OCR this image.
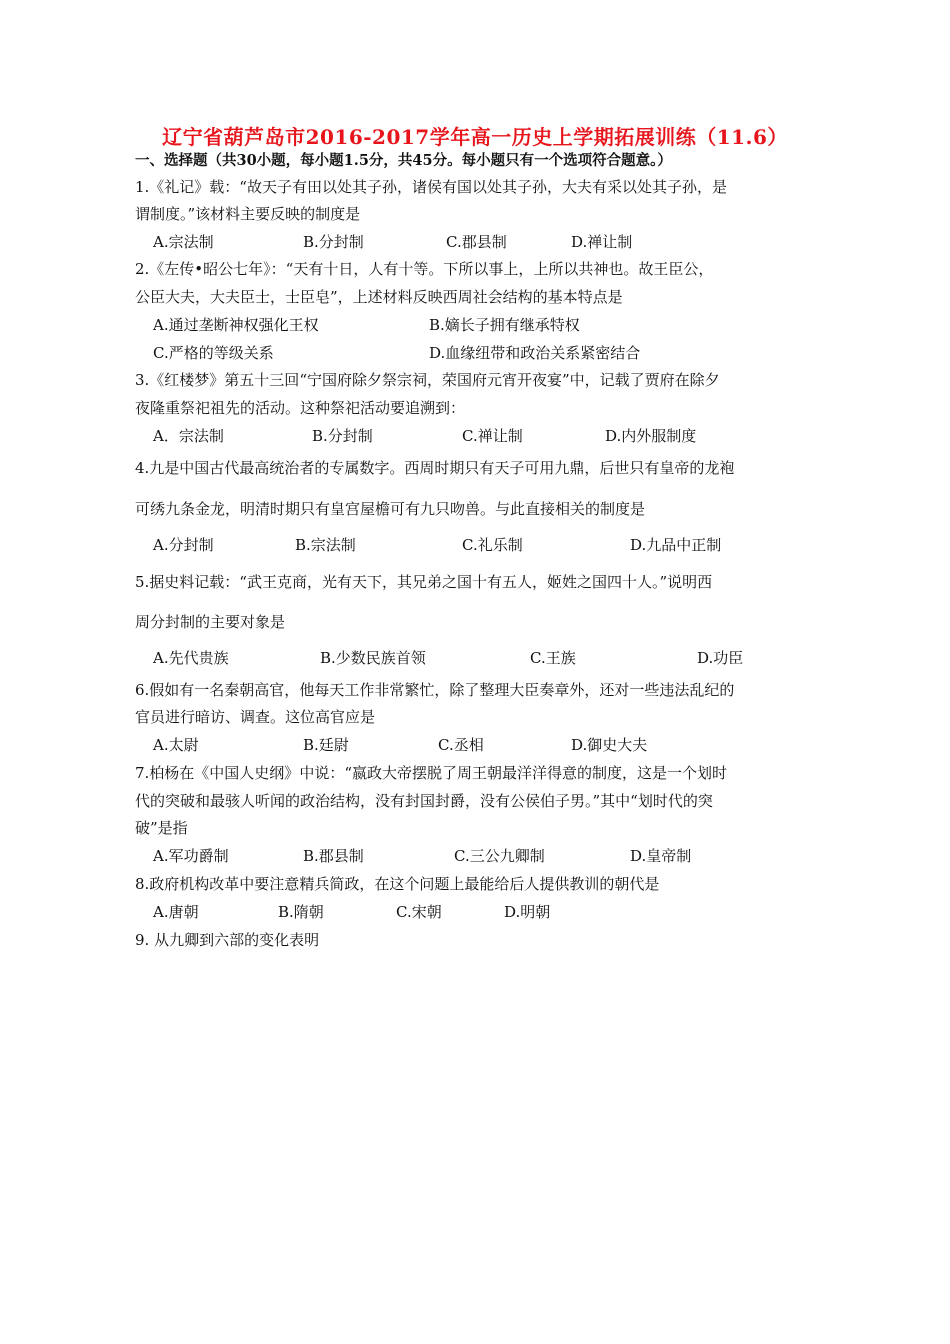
辽宁省葫芦岛市2016-2017学年高一历史上学期拓展训练（11.6）
一、选择题（共30小题，每小题1.5分，共45分。每小题只有一个选项符合题意。）
1.《礼记》载：“故天子有田以处其子孙，诸侯有国以处其子孙，大夫有采以处其子孙，是
谓制度。”该材料主要反映的制度是
A.宗法制	B.分封制	C.郡县制	D.禅让制
2.《左传•昭公七年》：“天有十日，人有十等。下所以事上，上所以共神也。故王臣公，
公臣大夫，大夫臣士，士臣皂”，上述材料反映西周社会结构的基本特点是
A.通过垄断神权强化王权	B.嫡长子拥有继承特权
C.严格的等级关系	D.血缘纽带和政治关系紧密结合
3.《红楼梦》第五十三回“宁国府除夕祭宗祠，荣国府元宵开夜宴”中，记载了贾府在除夕
夜隆重祭祀祖先的活动。这种祭祀活动要追溯到：
A．宗法制	B.分封制	C.禅让制	D.内外服制度
4.九是中国古代最高统治者的专属数字。西周时期只有天子可用九鼎，后世只有皇帝的龙袍
可绣九条金龙，明清时期只有皇宫屋檐可有九只吻兽。与此直接相关的制度是
A.分封制	B.宗法制	C.礼乐制	D.九品中正制
5.据史料记载：“武王克商，光有天下，其兄弟之国十有五人，姬姓之国四十人。”说明西
周分封制的主要对象是
A.先代贵族	B.少数民族首领	C.王族	D.功臣
6.假如有一名秦朝高官，他每天工作非常繁忙，除了整理大臣奏章外，还对一些违法乱纪的
官员进行暗访、调查。这位高官应是
A.太尉	B.廷尉	C.丞相	D.御史大夫
7.柏杨在《中国人史纲》中说：“嬴政大帝摆脱了周王朝最洋洋得意的制度，这是一个划时
代的突破和最骇人听闻的政治结构，没有封国封爵，没有公侯伯子男。”其中“划时代的突
破”是指
A.军功爵制	B.郡县制	C.三公九卿制	D.皇帝制
8.政府机构改革中要注意精兵简政，在这个问题上最能给后人提供教训的朝代是
A.唐朝	B.隋朝	C.宋朝	D.明朝
9. 从九卿到六部的变化表明
